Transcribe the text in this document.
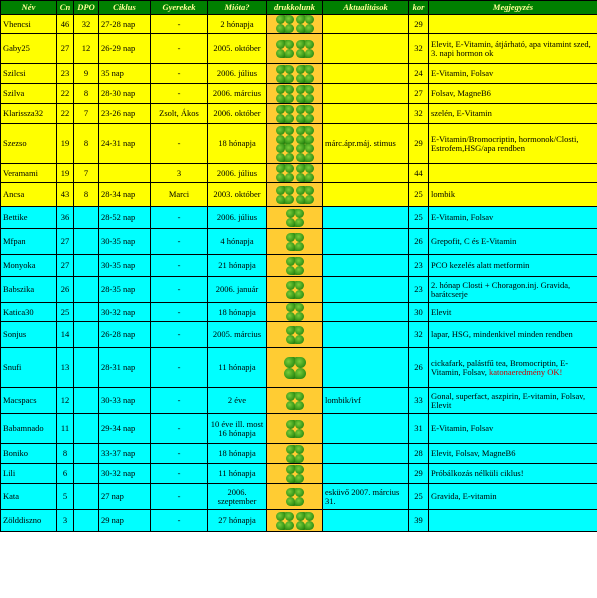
Név	Cn	DPO	Ciklus	Gyerekek	Mióta?	drukkolunk	Aktualitások	kor	Megjegyzés
Vhencsi	46	32	27-28 nap	-	2 hónapja			29	
Gaby25	27	12	26-29 nap	-	2005. október			32	Elevit, E-Vitamin, átjárható, apa vitamint szed, 3. napi hormon ok
Szilcsi	23	9	35 nap	-	2006. július			24	E-Vitamin, Folsav
Szilva	22	8	28-30 nap	-	2006. március			27	Folsav, MagneB6
Klarissza32	22	7	23-26 nap	Zsolt, Ákos	2006. október			32	szelén, E-Vitamin
Szezso	19	8	24-31 nap	-	18 hónapja		márc.ápr.máj. stimus	29	E-Vitamin/Bromocriptin, hormonok/Closti, Estrofem,HSG/apa rendben
Veramami	19	7		3	2006. július			44	
Ancsa	43	8	28-34 nap	Marci	2003. október			25	lombik
Bettike	36		28-52 nap	-	2006. július			25	E-Vitamin, Folsav
Mfpan	27		30-35 nap	-	4 hónapja			26	Grepofit, C és E-Vitamin
Monyoka	27		30-35 nap	-	21 hónapja			23	PCO kezelés alatt metformin
Babszika	26		28-35 nap	-	2006. január			23	2. hónap Closti + Choragon.inj. Gravida, barátcserje
Katica30	25		30-32 nap	-	18 hónapja			30	Elevit
Sonjus	14		26-28 nap	-	2005. március			32	lapar, HSG, mindenkivel minden rendben
Snufi	13		28-31 nap	-	11 hónapja			26	cickafark, palástfű tea, Bromocriptin, E-Vitamin, Folsav, katonaeredmény OK!
Macspacs	12		30-33 nap	-	2 éve		lombik/ivf	33	Gonal, superfact, aszpirin, E-vitamin, Folsav, Elevit
Babamnado	11		29-34 nap	-	10 éve ill. most 16 hónapja			31	E-Vitamin, Folsav
Boniko	8		33-37 nap	-	18 hónapja			28	Elevit, Folsav, MagneB6
Lili	6		30-32 nap	-	11 hónapja			29	Próbálkozás nélküli ciklus!
Kata	5		27 nap	-	2006. szeptember		esküvő 2007. március 31.	25	Gravida, E-vitamin
Zölddiszno	3		29 nap	-	27 hónapja			39	
